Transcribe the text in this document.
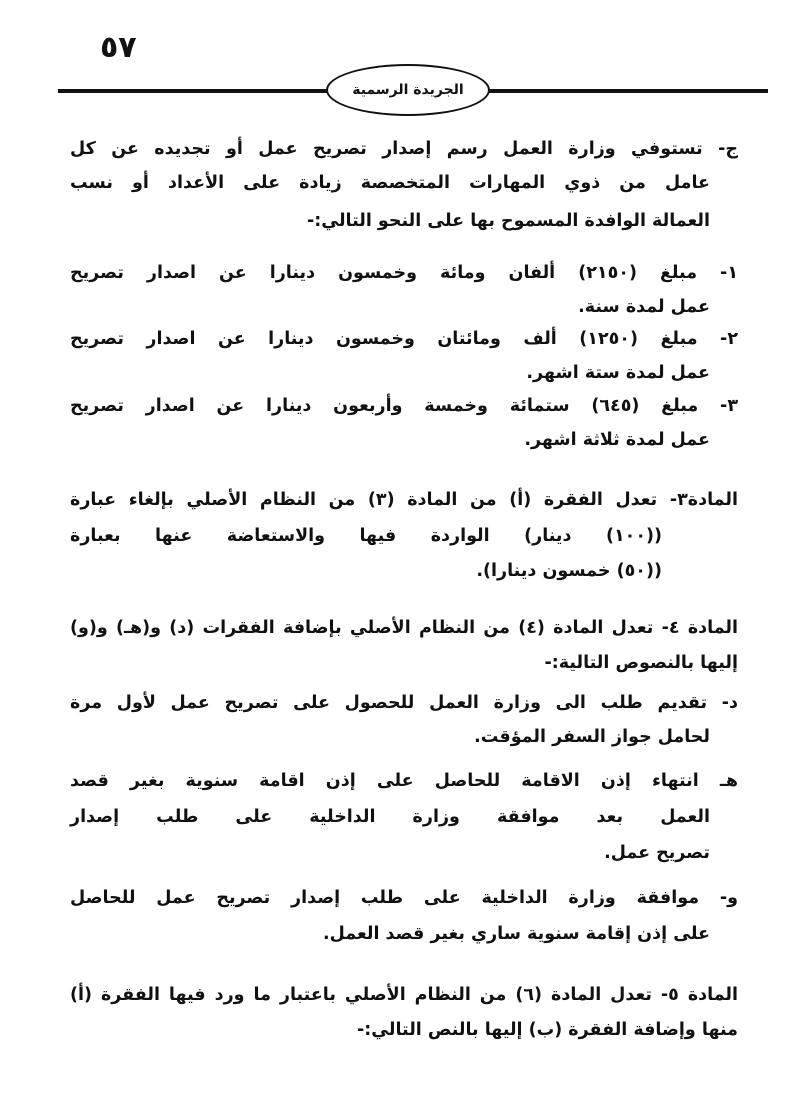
٥٧
الجريدة الرسمية
ج- تستوفي وزارة العمل رسم إصدار تصريح عمل أو تجديده عن كل
عامل من ذوي المهارات المتخصصة زيادة على الأعداد أو نسب
العمالة الوافدة المسموح بها على النحو التالي:-
١- مبلغ (٢١٥٠) ألفان ومائة وخمسون دينارا عن اصدار تصريح
عمل لمدة سنة.
٢- مبلغ (١٢٥٠) ألف ومائتان وخمسون دينارا عن اصدار تصريح
عمل لمدة ستة اشهر.
٣- مبلغ (٦٤٥) ستمائة وخمسة وأربعون دينارا عن اصدار تصريح
عمل لمدة ثلاثة اشهر.
المادة٣- تعدل الفقرة (أ) من المادة (٣) من النظام الأصلي بإلغاء عبارة
((١٠٠) دينار) الواردة فيها والاستعاضة عنها بعبارة
((٥٠) خمسون دينارا).
المادة ٤- تعدل المادة (٤) من النظام الأصلي بإضافة الفقرات (د) و(هـ) و(و)
إليها بالنصوص التالية:-
د- تقديم طلب الى وزارة العمل للحصول على تصريح عمل لأول مرة
لحامل جواز السفر المؤقت.
هـ انتهاء إذن الاقامة للحاصل على إذن اقامة سنوية بغير قصد
العمل بعد موافقة وزارة الداخلية على طلب إصدار
تصريح عمل.
و- موافقة وزارة الداخلية على طلب إصدار تصريح عمل للحاصل
على إذن إقامة سنوية ساري بغير قصد العمل.
المادة ٥- تعدل المادة (٦) من النظام الأصلي باعتبار ما ورد فيها الفقرة (أ)
منها وإضافة الفقرة (ب) إليها بالنص التالي:-
